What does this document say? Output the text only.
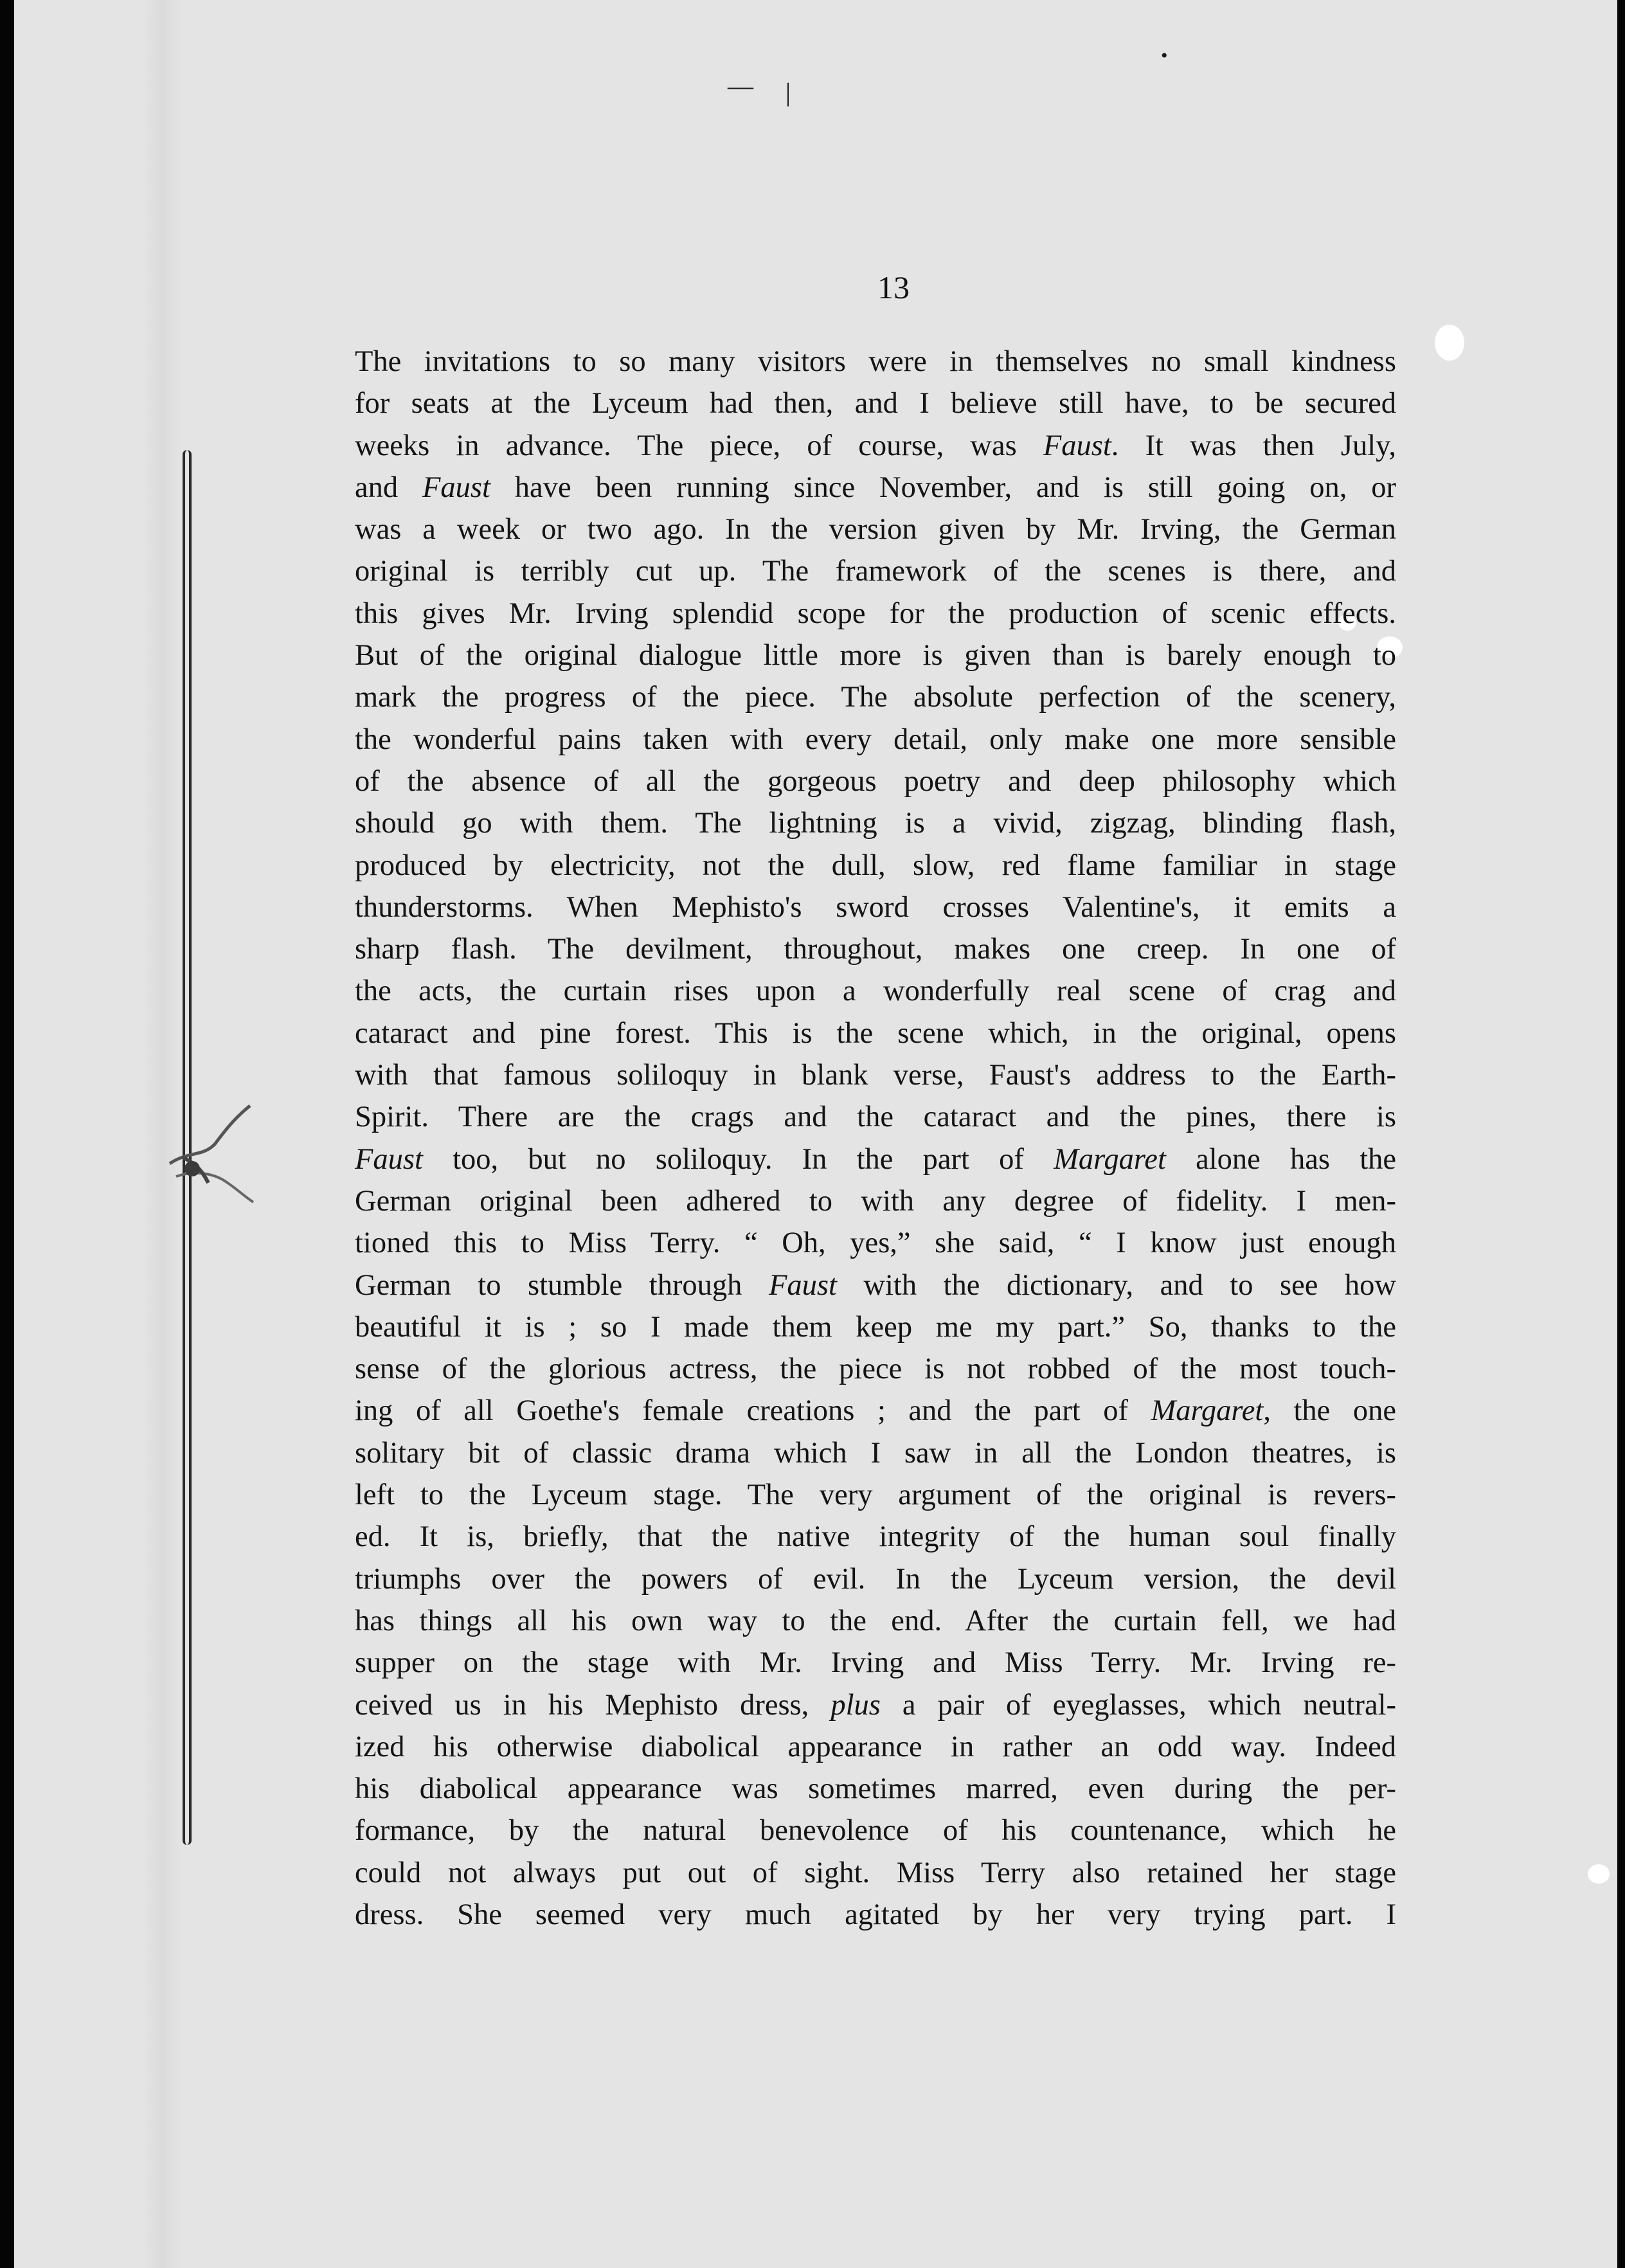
— |
•
13
The invitations to so many visitors were in themselves no small kindness
for seats at the Lyceum had then, and I believe still have, to be secured
weeks in advance. The piece, of course, was Faust. It was then July,
and Faust have been running since November, and is still going on, or
was a week or two ago. In the version given by Mr. Irving, the German
original is terribly cut up. The framework of the scenes is there, and
this gives Mr. Irving splendid scope for the production of scenic effects.
But of the original dialogue little more is given than is barely enough to
mark the progress of the piece. The absolute perfection of the scenery,
the wonderful pains taken with every detail, only make one more sensible
of the absence of all the gorgeous poetry and deep philosophy which
should go with them. The lightning is a vivid, zigzag, blinding flash,
produced by electricity, not the dull, slow, red flame familiar in stage
thunderstorms. When Mephisto's sword crosses Valentine's, it emits a
sharp flash. The devilment, throughout, makes one creep. In one of
the acts, the curtain rises upon a wonderfully real scene of crag and
cataract and pine forest. This is the scene which, in the original, opens
with that famous soliloquy in blank verse, Faust's address to the Earth-
Spirit. There are the crags and the cataract and the pines, there is
Faust too, but no soliloquy. In the part of Margaret alone has the
German original been adhered to with any degree of fidelity. I men-
tioned this to Miss Terry. “ Oh, yes,” she said, “ I know just enough
German to stumble through Faust with the dictionary, and to see how
beautiful it is ; so I made them keep me my part.” So, thanks to the
sense of the glorious actress, the piece is not robbed of the most touch-
ing of all Goethe's female creations ; and the part of Margaret, the one
solitary bit of classic drama which I saw in all the London theatres, is
left to the Lyceum stage. The very argument of the original is revers-
ed. It is, briefly, that the native integrity of the human soul finally
triumphs over the powers of evil. In the Lyceum version, the devil
has things all his own way to the end. After the curtain fell, we had
supper on the stage with Mr. Irving and Miss Terry. Mr. Irving re-
ceived us in his Mephisto dress, plus a pair of eyeglasses, which neutral-
ized his otherwise diabolical appearance in rather an odd way. Indeed
his diabolical appearance was sometimes marred, even during the per-
formance, by the natural benevolence of his countenance, which he
could not always put out of sight. Miss Terry also retained her stage
dress. She seemed very much agitated by her very trying part. I
